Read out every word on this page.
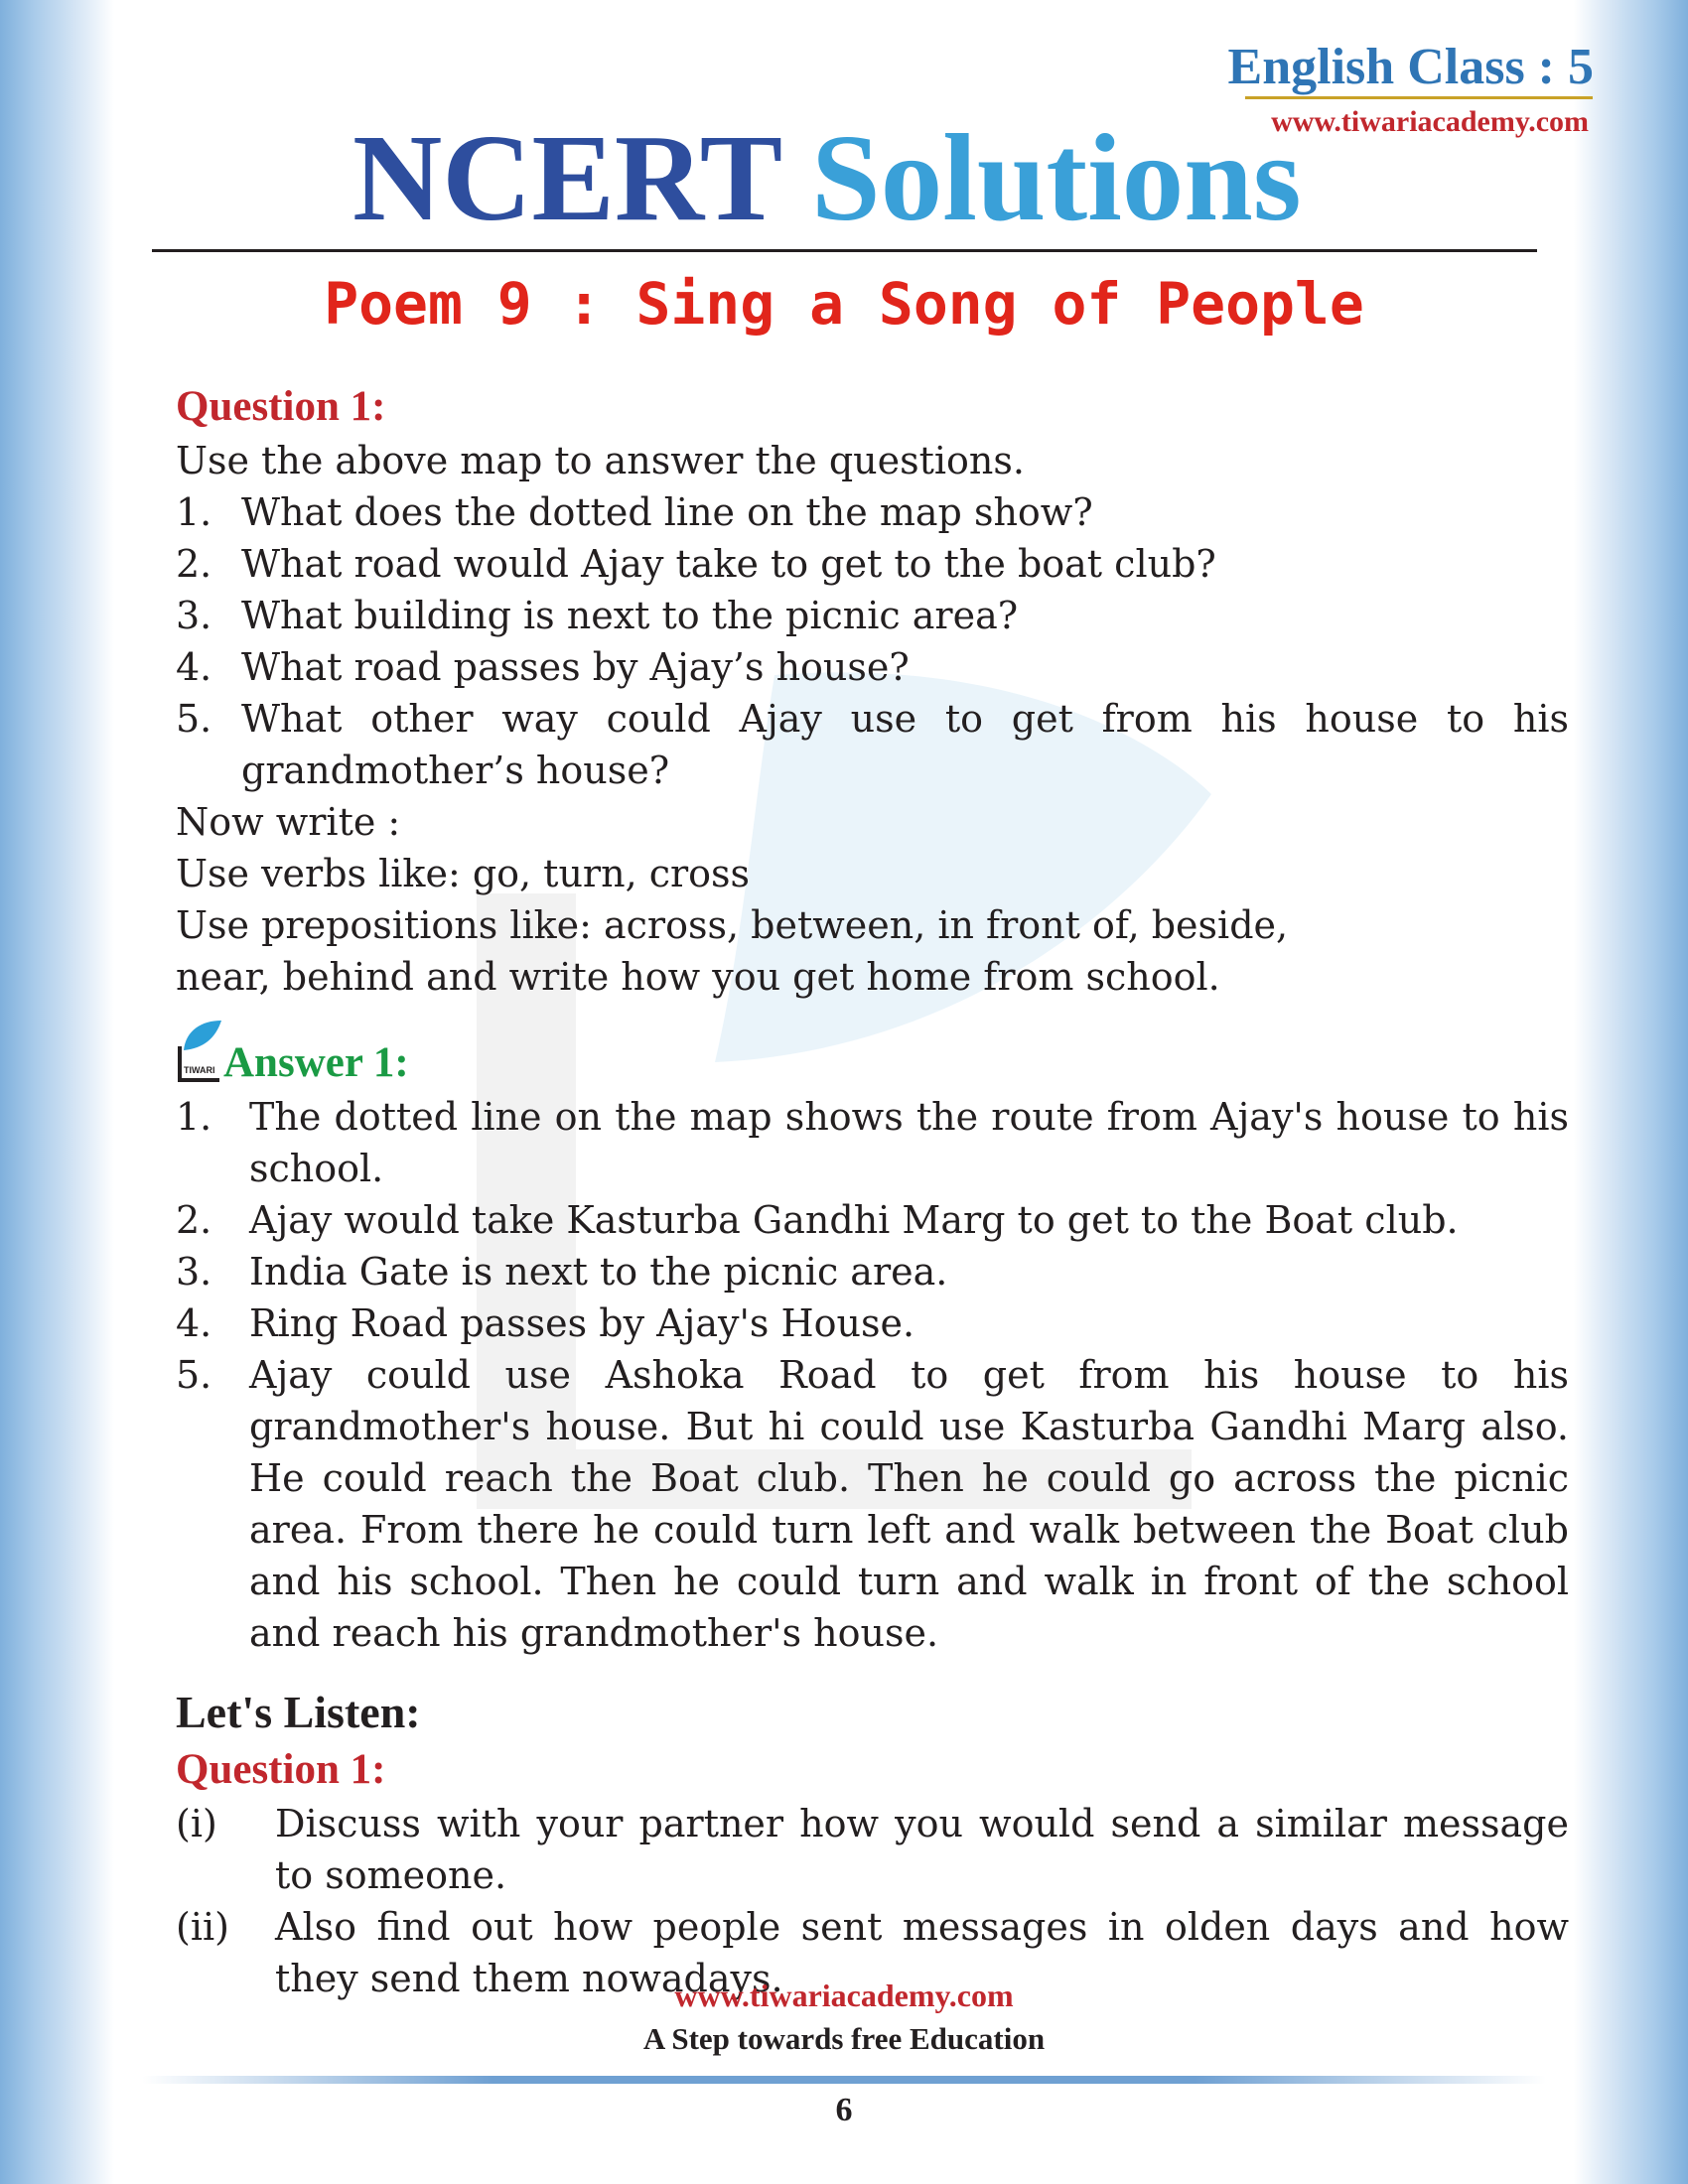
English Class : 5
www.tiwariacademy.com
NCERT Solutions
Poem 9 : Sing a Song of People
Question 1:

Use the above map to answer the questions.

1. What does the dotted line on the map show?
2. What road would Ajay take to get to the boat club?
3. What building is next to the picnic area?
4. What road passes by Ajay’s house?
5. What other way could Ajay use to get from his house to his grandmother’s house?

Now write :

Use verbs like: go, turn, cross

Use prepositions like: across, between, in front of, beside,

near, behind and write how you get home from school.

TIWARI Answer 1:
1. The dotted line on the map shows the route from Ajay's house to his school.
2. Ajay would take Kasturba Gandhi Marg to get to the Boat club.
3. India Gate is next to the picnic area.
4. Ring Road passes by Ajay's House.
5. Ajay could use Ashoka Road to get from his house to his grandmother's house. But hi could use Kasturba Gandhi Marg also. He could reach the Boat club. Then he could go across the picnic area. From there he could turn left and walk between the Boat club and his school. Then he could turn and walk in front of the school and reach his grandmother's house.
Let's Listen:
Question 1:
(i)	Discuss with your partner how you would send a similar message to someone.
(ii)	Also find out how people sent messages in olden days and how they send them nowadays.
www.tiwariacademy.com
A Step towards free Education
6
